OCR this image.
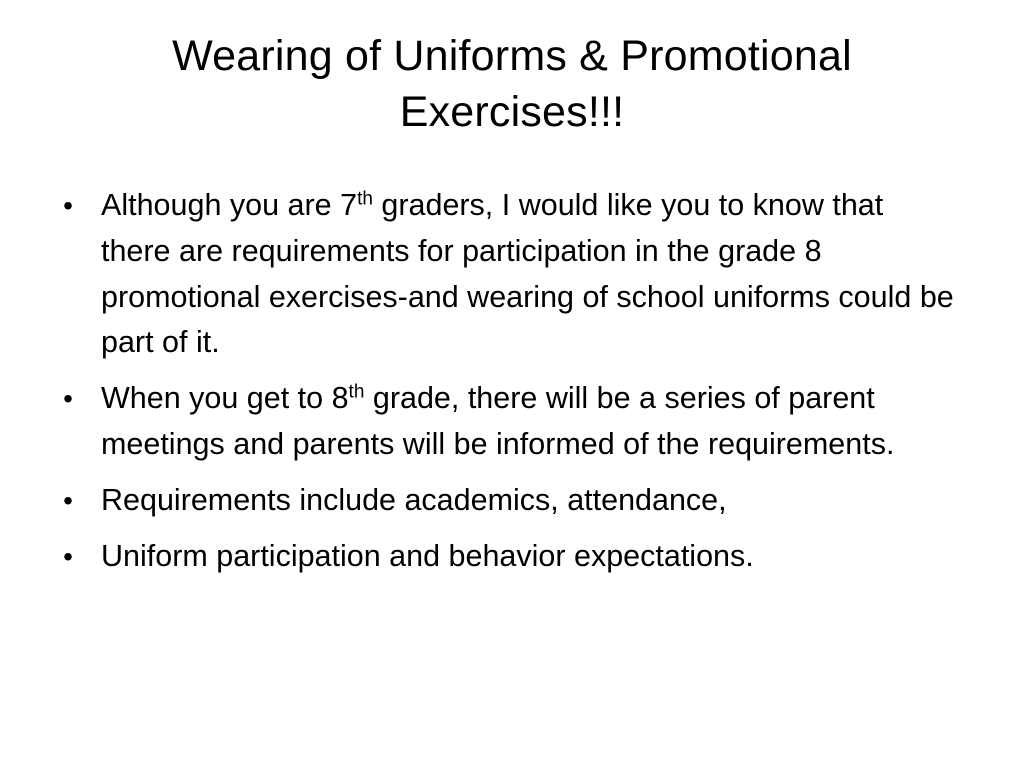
Wearing of Uniforms & Promotional Exercises!!!
• Although you are 7th graders, I would like you to know that there are requirements for participation in the grade 8 promotional exercises-and wearing of school uniforms could be part of it.
• When you get to 8th grade, there will be a series of parent meetings and parents will be informed of the requirements.
• Requirements include academics, attendance,
• Uniform participation and behavior expectations.
